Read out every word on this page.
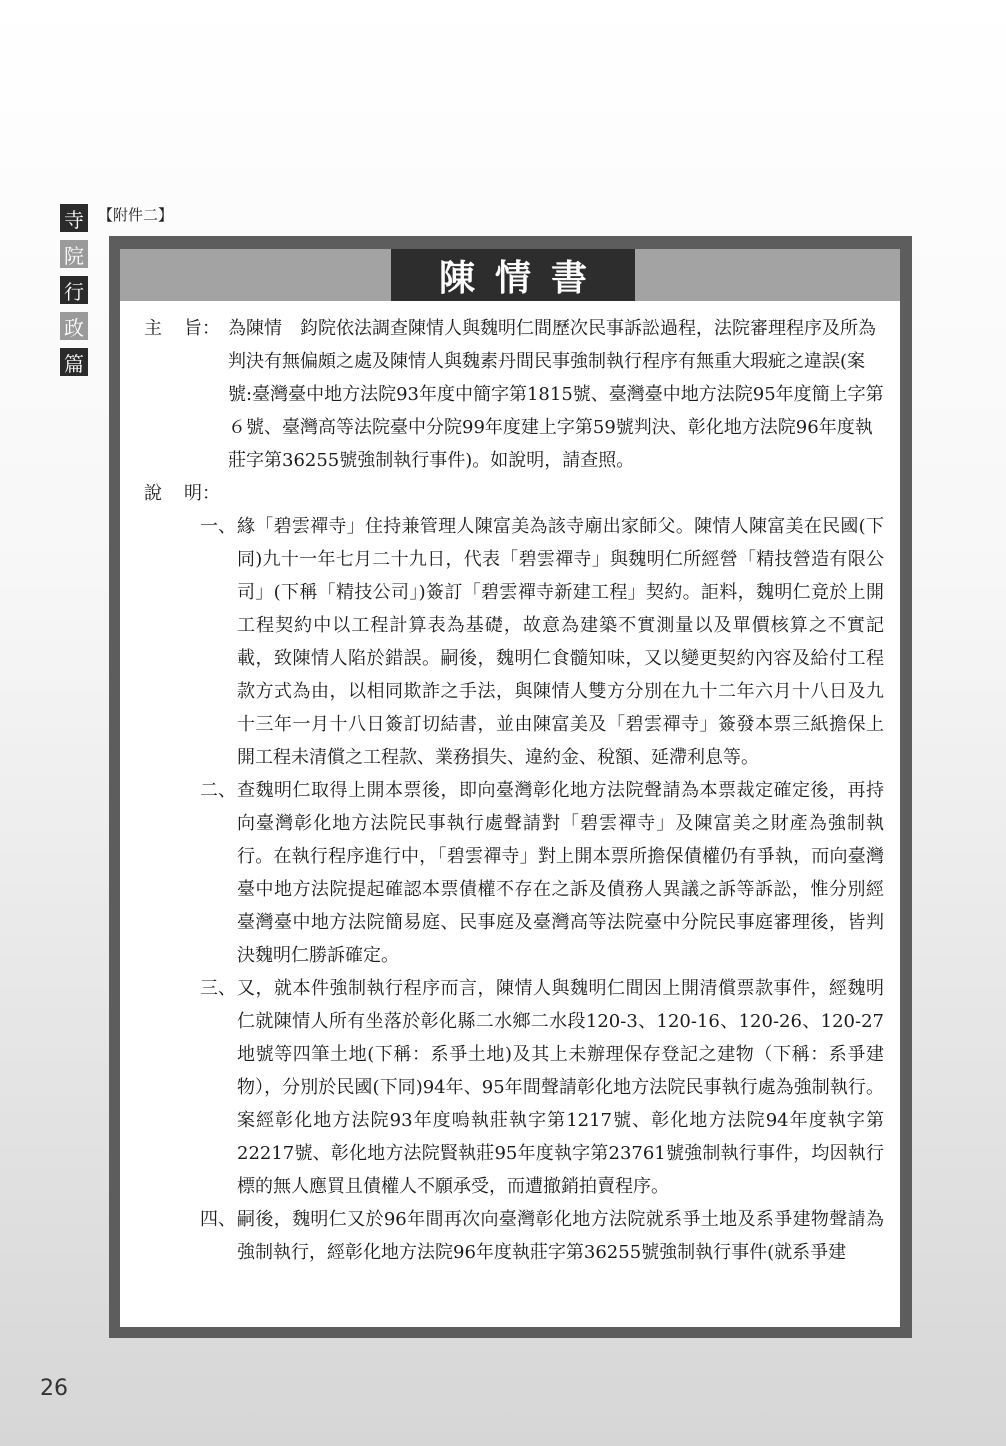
寺
院
行
政
篇
【附件二】
陳情書
主 旨： 為陳情　鈞院依法調查陳情人與魏明仁間歷次民事訴訟過程，法院審理程序及所為判決有無偏頗之處及陳情人與魏素丹間民事強制執行程序有無重大瑕疵之違誤(案號:臺灣臺中地方法院93年度中簡字第1815號、臺灣臺中地方法院95年度簡上字第６號、臺灣高等法院臺中分院99年度建上字第59號判決、彰化地方法院96年度執莊字第36255號強制執行事件)。如說明，請查照。
說 明：
一、 緣「碧雲禪寺」住持兼管理人陳富美為該寺廟出家師父。陳情人陳富美在民國(下同)九十一年七月二十九日，代表「碧雲禪寺」與魏明仁所經營「精技營造有限公司」(下稱「精技公司」)簽訂「碧雲禪寺新建工程」契約。詎料，魏明仁竟於上開工程契約中以工程計算表為基礎，故意為建築不實測量以及單價核算之不實記載，致陳情人陷於錯誤。嗣後，魏明仁食髓知味，又以變更契約內容及給付工程款方式為由，以相同欺詐之手法，與陳情人雙方分別在九十二年六月十八日及九十三年一月十八日簽訂切結書，並由陳富美及「碧雲禪寺」簽發本票三紙擔保上開工程未清償之工程款、業務損失、違約金、稅額、延滯利息等。
二、 查魏明仁取得上開本票後，即向臺灣彰化地方法院聲請為本票裁定確定後，再持向臺灣彰化地方法院民事執行處聲請對「碧雲禪寺」及陳富美之財產為強制執行。在執行程序進行中，「碧雲禪寺」對上開本票所擔保債權仍有爭執，而向臺灣臺中地方法院提起確認本票債權不存在之訴及債務人異議之訴等訴訟，惟分別經臺灣臺中地方法院簡易庭、民事庭及臺灣高等法院臺中分院民事庭審理後，皆判決魏明仁勝訴確定。
三、 又，就本件強制執行程序而言，陳情人與魏明仁間因上開清償票款事件，經魏明仁就陳情人所有坐落於彰化縣二水鄉二水段120-3、120-16、120-26、120-27地號等四筆土地(下稱：系爭土地)及其上未辦理保存登記之建物（下稱：系爭建物），分別於民國(下同)94年、95年間聲請彰化地方法院民事執行處為強制執行。案經彰化地方法院93年度嗚執莊執字第1217號、彰化地方法院94年度執字第22217號、彰化地方法院賢執莊95年度執字第23761號強制執行事件，均因執行標的無人應買且債權人不願承受，而遭撤銷拍賣程序。
四、 嗣後，魏明仁又於96年間再次向臺灣彰化地方法院就系爭土地及系爭建物聲請為強制執行，經彰化地方法院96年度執莊字第36255號強制執行事件(就系爭建
26
